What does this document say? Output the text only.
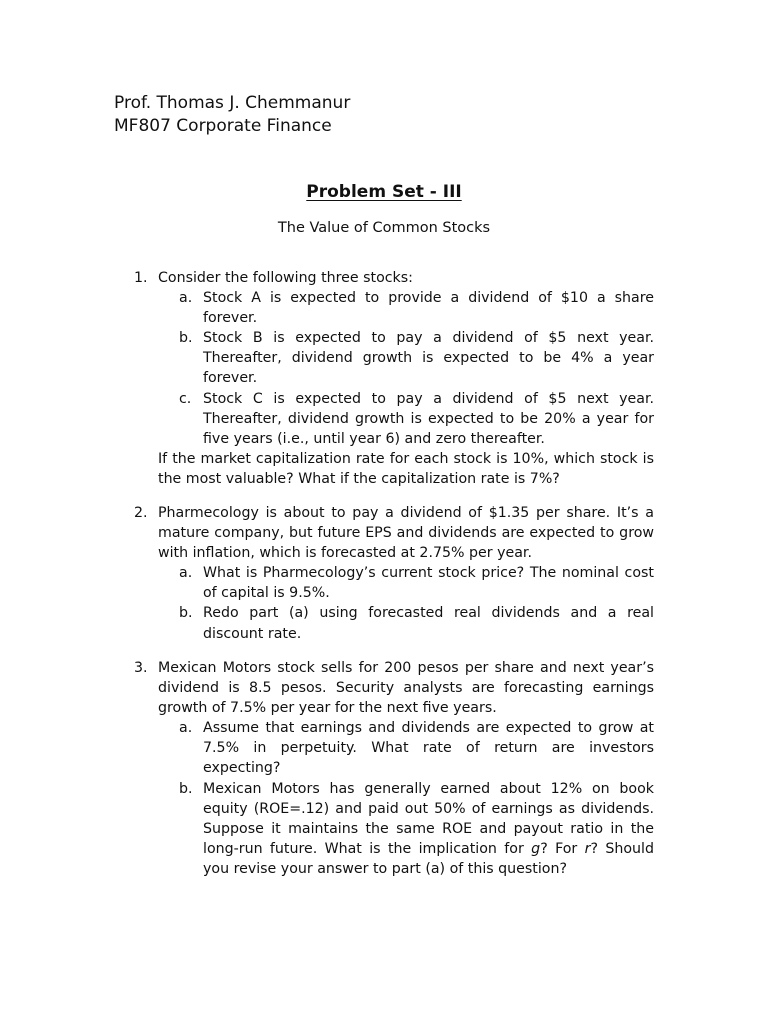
Prof. Thomas J. Chemmanur
MF807 Corporate Finance
Problem Set - III
The Value of Common Stocks
1. Consider the following three stocks:
a. Stock A is expected to provide a dividend of $10 a share forever.
b. Stock B is expected to pay a dividend of $5 next year. Thereafter, dividend growth is expected to be 4% a year forever.
c. Stock C is expected to pay a dividend of $5 next year. Thereafter, dividend growth is expected to be 20% a year for five years (i.e., until year 6) and zero thereafter.
If the market capitalization rate for each stock is 10%, which stock is the most valuable? What if the capitalization rate is 7%?
2. Pharmecology is about to pay a dividend of $1.35 per share. It’s a mature company, but future EPS and dividends are expected to grow with inflation, which is forecasted at 2.75% per year.
a. What is Pharmecology’s current stock price? The nominal cost of capital is 9.5%.
b. Redo part (a) using forecasted real dividends and a real discount rate.
3. Mexican Motors stock sells for 200 pesos per share and next year’s dividend is 8.5 pesos. Security analysts are forecasting earnings growth of 7.5% per year for the next five years.
a. Assume that earnings and dividends are expected to grow at 7.5% in perpetuity. What rate of return are investors expecting?
b. Mexican Motors has generally earned about 12% on book equity (ROE=.12) and paid out 50% of earnings as dividends. Suppose it maintains the same ROE and payout ratio in the long-run future. What is the implication for g? For r? Should you revise your answer to part (a) of this question?
